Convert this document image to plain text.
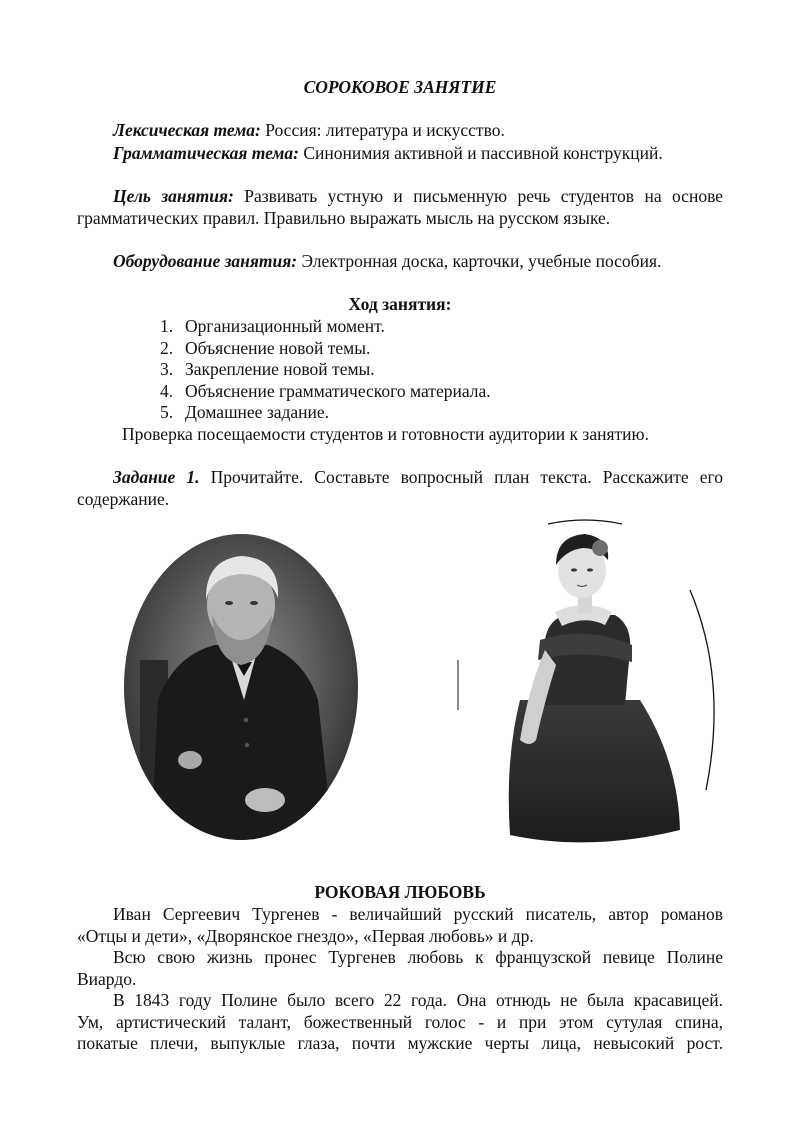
СОРОКОВОЕ ЗАНЯТИЕ

Лексическая тема: Россия: литература и искусство.

Грамматическая тема: Синонимия активной и пассивной конструкций.

Цель занятия: Развивать устную и письменную речь студентов на основе
грамматических правил. Правильно выражать мысль на русском языке.

Оборудование занятия: Электронная доска, карточки, учебные пособия.

Ход занятия:
1. Организационный момент.
2. Объяснение новой темы.
3. Закрепление новой темы.
4. Объяснение грамматического материала.
5. Домашнее задание.
Проверка посещаемости студентов и готовности аудитории к занятию.

Задание 1. Прочитайте. Составьте вопросный план текста. Расскажите его
содержание.

РОКОВАЯ ЛЮБОВЬ

Иван Сергеевич Тургенев - величайший русский писатель, автор романов
«Отцы и дети», «Дворянское гнездо», «Первая любовь» и др.

Всю свою жизнь пронес Тургенев любовь к французской певице Полине
Виардо.

В 1843 году Полине было всего 22 года. Она отнюдь не была красавицей.
Ум, артистический талант, божественный голос - и при этом сутулая спина,
покатые плечи, выпуклые глаза, почти мужские черты лица, невысокий рост.
